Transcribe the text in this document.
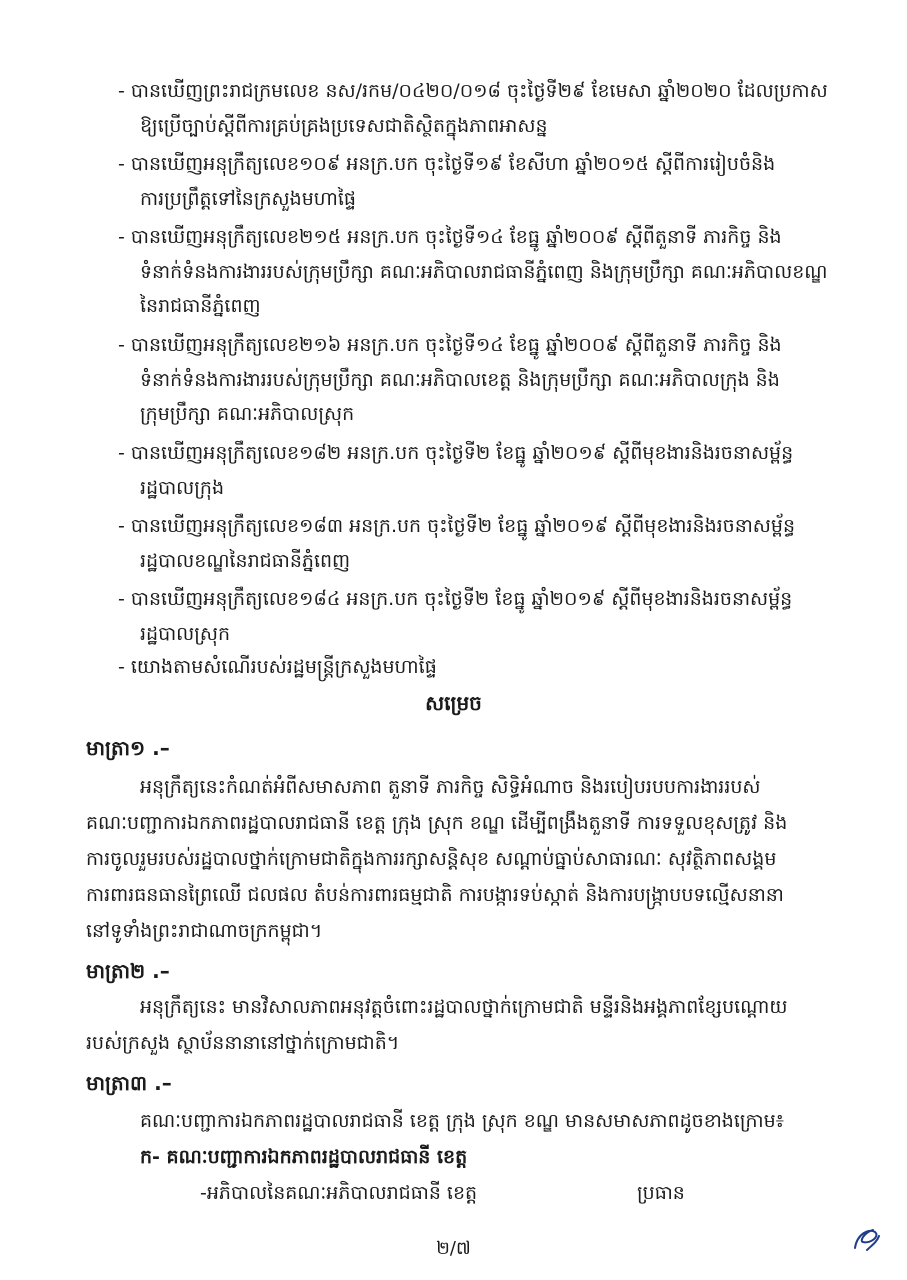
- បានឃើញព្រះរាជក្រមលេខ នស/រកម/០៤២០/០១៨ ចុះថ្ងៃទី២៩ ខែមេសា ឆ្នាំ២០២០ ដែលប្រកាស
ឱ្យប្រើច្បាប់ស្តីពីការគ្រប់គ្រងប្រទេសជាតិស្ថិតក្នុងភាពអាសន្ន
- បានឃើញអនុក្រឹត្យលេខ១០៩ អនក្រ.បក ចុះថ្ងៃទី១៩ ខែសីហា ឆ្នាំ២០១៥ ស្តីពីការរៀបចំនិង
ការប្រព្រឹត្តទៅនៃក្រសួងមហាផ្ទៃ
- បានឃើញអនុក្រឹត្យលេខ២១៥ អនក្រ.បក ចុះថ្ងៃទី១៤ ខែធ្នូ ឆ្នាំ២០០៩ ស្តីពីតួនាទី ភារកិច្ច និង
ទំនាក់ទំនងការងាររបស់ក្រុមប្រឹក្សា គណៈអភិបាលរាជធានីភ្នំពេញ និងក្រុមប្រឹក្សា គណៈអភិបាលខណ្ឌ
នៃរាជធានីភ្នំពេញ
- បានឃើញអនុក្រឹត្យលេខ២១៦ អនក្រ.បក ចុះថ្ងៃទី១៤ ខែធ្នូ ឆ្នាំ២០០៩ ស្តីពីតួនាទី ភារកិច្ច និង
ទំនាក់ទំនងការងាររបស់ក្រុមប្រឹក្សា គណៈអភិបាលខេត្ត និងក្រុមប្រឹក្សា គណៈអភិបាលក្រុង និង
ក្រុមប្រឹក្សា គណៈអភិបាលស្រុក
- បានឃើញអនុក្រឹត្យលេខ១៨២ អនក្រ.បក ចុះថ្ងៃទី២ ខែធ្នូ ឆ្នាំ២០១៩ ស្តីពីមុខងារនិងរចនាសម្ព័ន្ធ
រដ្ឋបាលក្រុង
- បានឃើញអនុក្រឹត្យលេខ១៨៣ អនក្រ.បក ចុះថ្ងៃទី២ ខែធ្នូ ឆ្នាំ២០១៩ ស្តីពីមុខងារនិងរចនាសម្ព័ន្ធ
រដ្ឋបាលខណ្ឌនៃរាជធានីភ្នំពេញ
- បានឃើញអនុក្រឹត្យលេខ១៨៤ អនក្រ.បក ចុះថ្ងៃទី២ ខែធ្នូ ឆ្នាំ២០១៩ ស្តីពីមុខងារនិងរចនាសម្ព័ន្ធ
រដ្ឋបាលស្រុក
- យោងតាមសំណើរបស់រដ្ឋមន្ត្រីក្រសួងមហាផ្ទៃ
សម្រេច
មាត្រា១ .–
អនុក្រឹត្យនេះកំណត់អំពីសមាសភាព តួនាទី ភារកិច្ច សិទ្ធិអំណាច និងរបៀបរបបការងាររបស់
គណៈបញ្ជាការឯកភាពរដ្ឋបាលរាជធានី ខេត្ត ក្រុង ស្រុក ខណ្ឌ ដើម្បីពង្រឹងតួនាទី ការទទួលខុសត្រូវ និង
ការចូលរួមរបស់រដ្ឋបាលថ្នាក់ក្រោមជាតិក្នុងការរក្សាសន្តិសុខ សណ្តាប់ធ្នាប់សាធារណៈ សុវត្ថិភាពសង្គម
ការពារធនធានព្រៃឈើ ជលផល តំបន់ការពារធម្មជាតិ ការបង្ការទប់ស្កាត់ និងការបង្ក្រាបបទល្មើសនានា
នៅទូទាំងព្រះរាជាណាចក្រកម្ពុជា។
មាត្រា២ .–
អនុក្រឹត្យនេះ មានវិសាលភាពអនុវត្តចំពោះរដ្ឋបាលថ្នាក់ក្រោមជាតិ មន្ទីរនិងអង្គភាពខ្សែបណ្តោយ
របស់ក្រសួង ស្ថាប័ននានានៅថ្នាក់ក្រោមជាតិ។
មាត្រា៣ .–
គណៈបញ្ជាការឯកភាពរដ្ឋបាលរាជធានី ខេត្ត ក្រុង ស្រុក ខណ្ឌ មានសមាសភាពដូចខាងក្រោម៖
ក- គណៈបញ្ជាការឯកភាពរដ្ឋបាលរាជធានី ខេត្ត
-អភិបាលនៃគណៈអភិបាលរាជធានី ខេត្ត	ប្រធាន
២/៧
